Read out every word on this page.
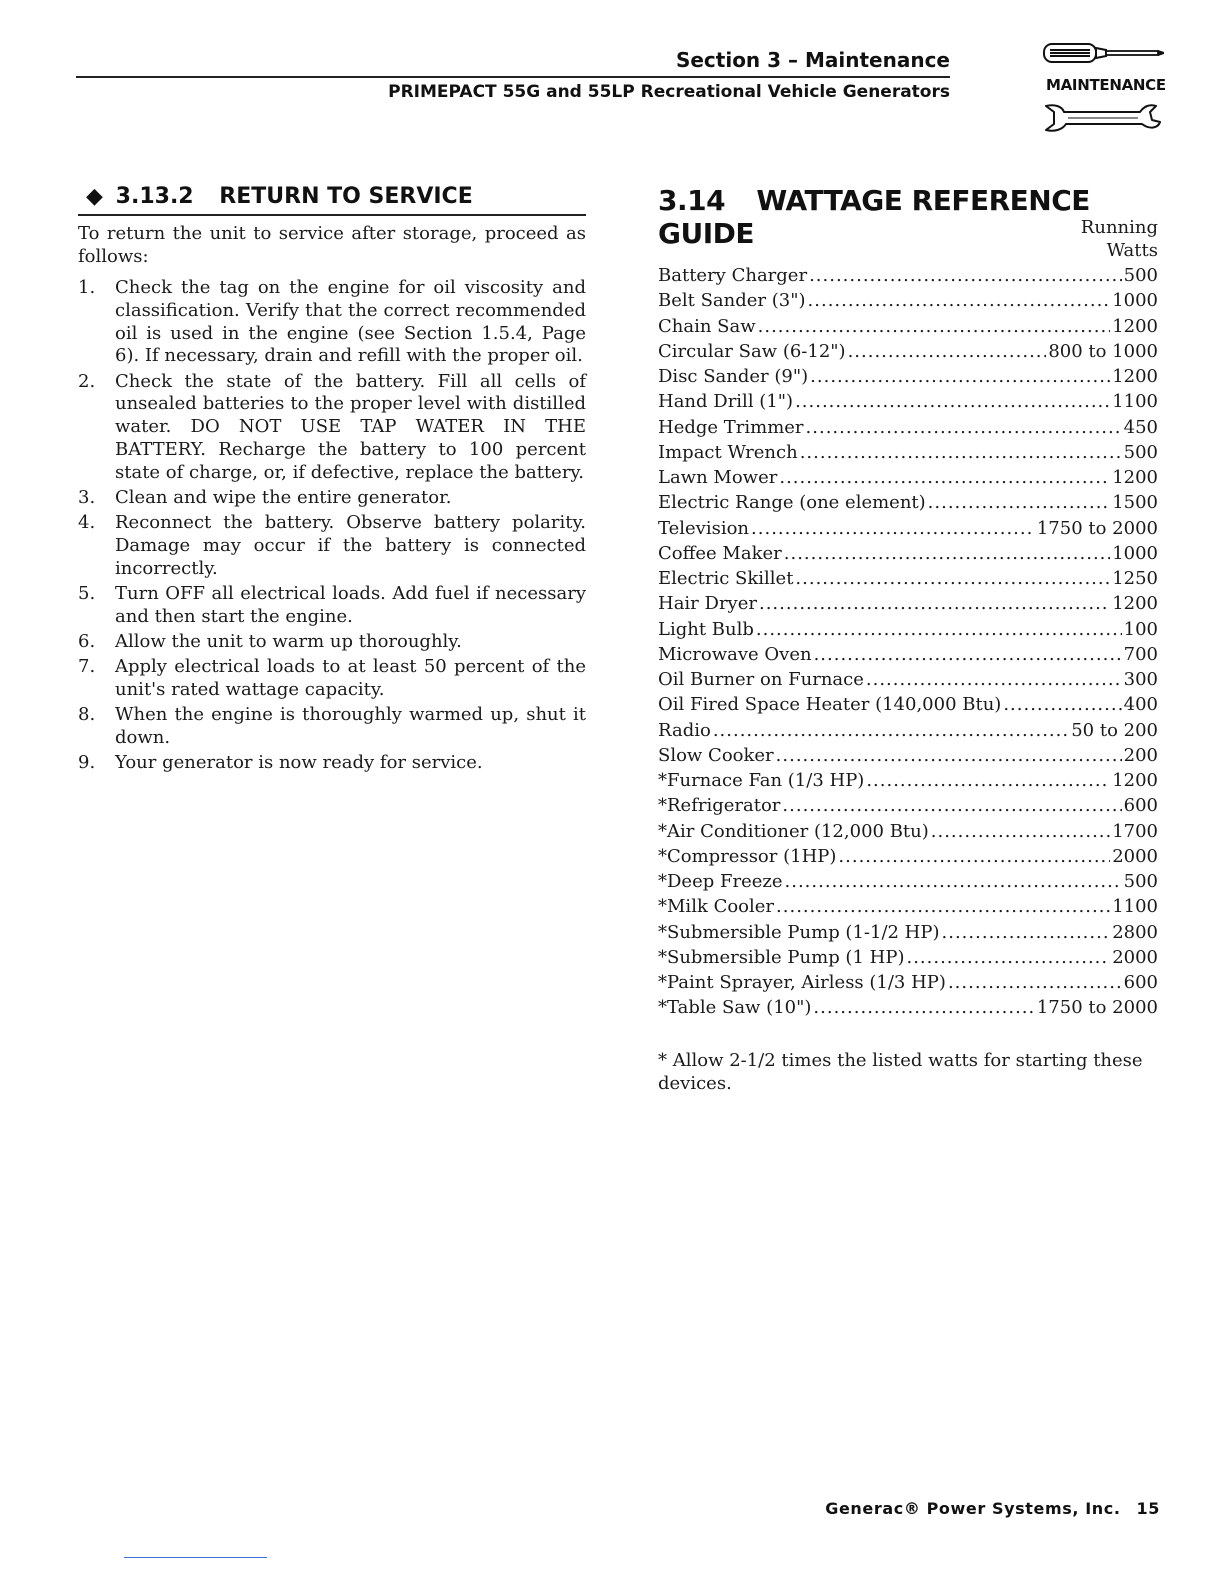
Section 3 – Maintenance
PRIMEPACT 55G and 55LP Recreational Vehicle Generators	MAINTENANCE
◆ 3.13.2 RETURN TO SERVICE
To return the unit to service after storage, proceed as follows:
1. Check the tag on the engine for oil viscosity and classification. Verify that the correct recommended oil is used in the engine (see Section 1.5.4, Page 6). If necessary, drain and refill with the proper oil.
2. Check the state of the battery. Fill all cells of unsealed batteries to the proper level with distilled water. DO NOT USE TAP WATER IN THE BATTERY. Recharge the battery to 100 percent state of charge, or, if defective, replace the battery.
3. Clean and wipe the entire generator.
4. Reconnect the battery. Observe battery polarity. Damage may occur if the battery is connected incorrectly.
5. Turn OFF all electrical loads. Add fuel if necessary and then start the engine.
6. Allow the unit to warm up thoroughly.
7. Apply electrical loads to at least 50 percent of the unit's rated wattage capacity.
8. When the engine is thoroughly warmed up, shut it down.
9. Your generator is now ready for service.
3.14 WATTAGE REFERENCE GUIDE	Running
Watts
Battery Charger .....	500
Belt Sander (3") .....	1000
Chain Saw .....	1200
Circular Saw (6-12") .....	800 to 1000
Disc Sander (9") .....	1200
Hand Drill (1") .....	1100
Hedge Trimmer .....	450
Impact Wrench .....	500
Lawn Mower .....	1200
Electric Range (one element) .....	1500
Television .....	1750 to 2000
Coffee Maker .....	1000
Electric Skillet .....	1250
Hair Dryer .....	1200
Light Bulb .....	100
Microwave Oven .....	700
Oil Burner on Furnace .....	300
Oil Fired Space Heater (140,000 Btu) .....	400
Radio .....	50 to 200
Slow Cooker .....	200
*Furnace Fan (1/3 HP) .....	1200
*Refrigerator .....	600
*Air Conditioner (12,000 Btu) .....	1700
*Compressor (1HP) .....	2000
*Deep Freeze .....	500
*Milk Cooler .....	1100
*Submersible Pump (1-1/2 HP) .....	2800
*Submersible Pump (1 HP) .....	2000
*Paint Sprayer, Airless (1/3 HP) .....	600
*Table Saw (10") .....	1750 to 2000
* Allow 2-1/2 times the listed watts for starting these devices.
Generac® Power Systems, Inc. 15
